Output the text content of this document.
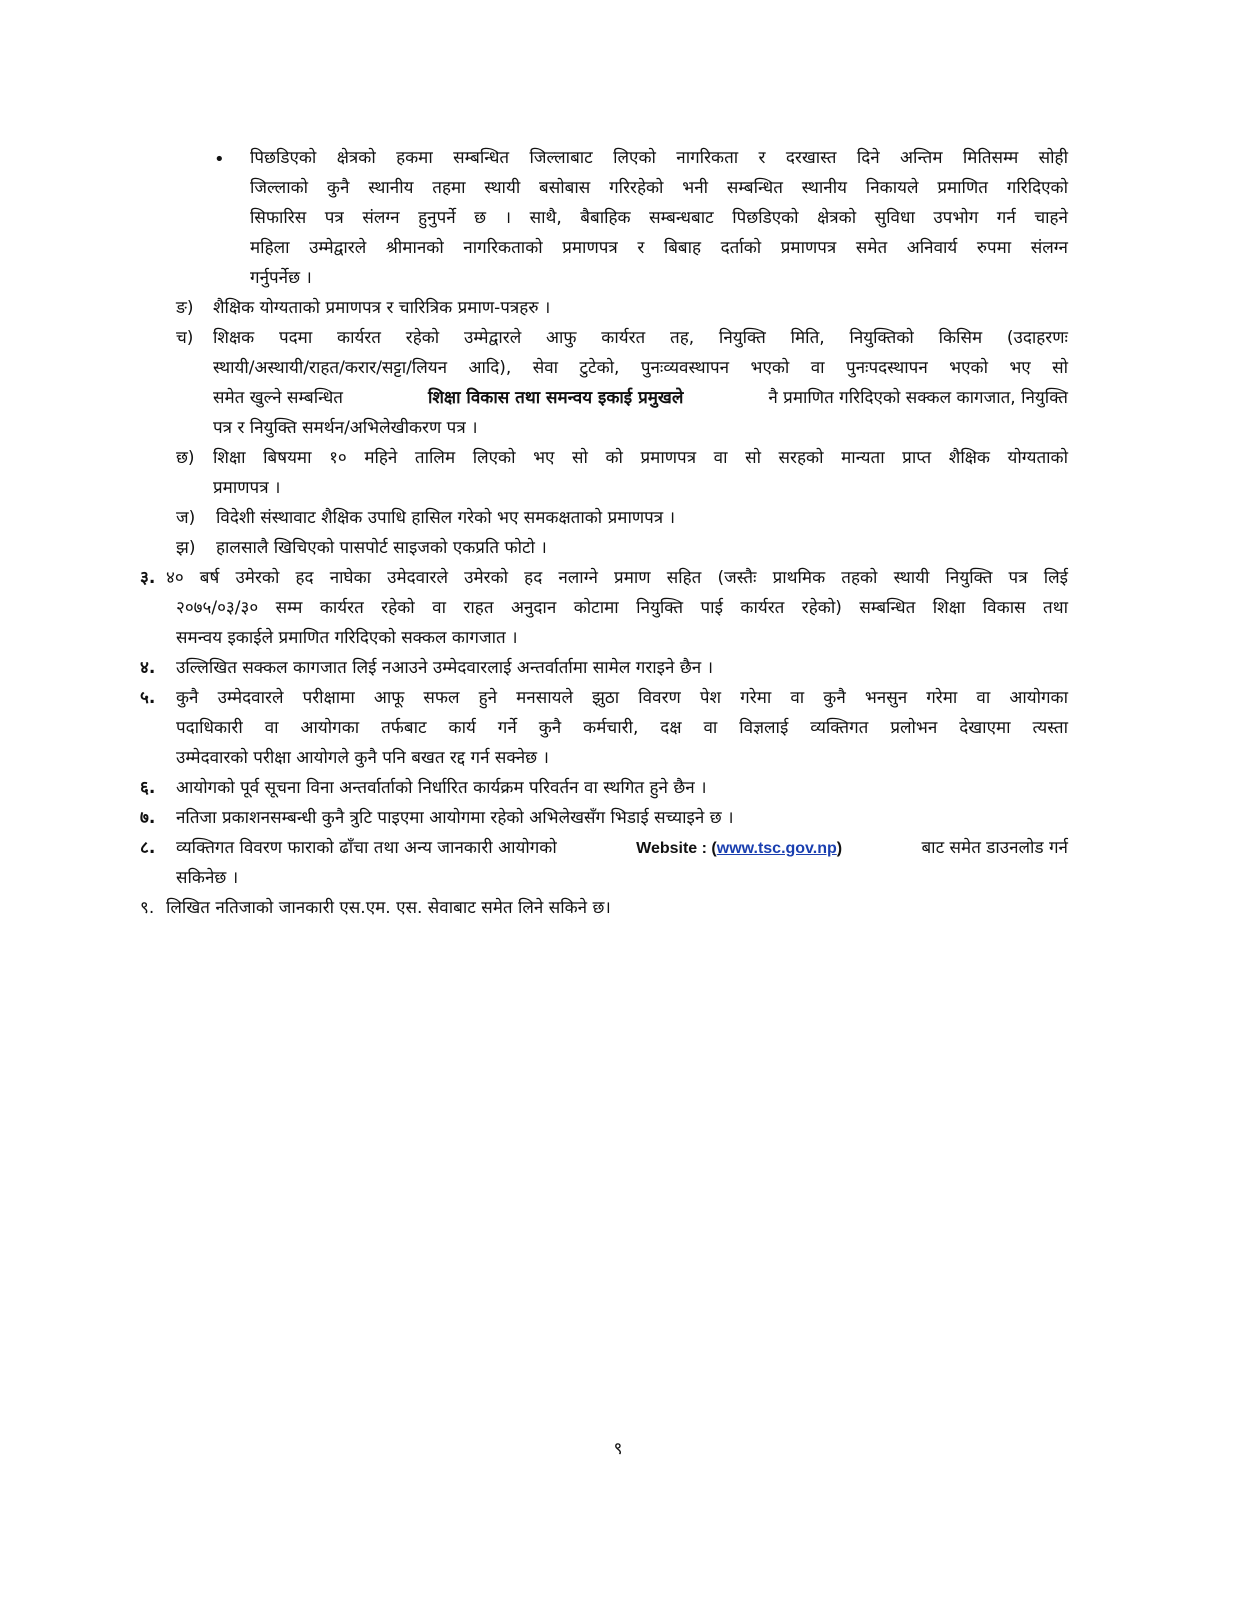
• पिछडिएको क्षेत्रको हकमा सम्बन्धित जिल्लाबाट लिएको नागरिकता र दरखास्त दिने अन्तिम मितिसम्म सोही
जिल्लाको कुनै स्थानीय तहमा स्थायी बसोबास गरिरहेको भनी सम्बन्धित स्थानीय निकायले प्रमाणित गरिदिएको
सिफारिस पत्र संलग्न हुनुपर्ने छ । साथै, बैबाहिक सम्बन्धबाट पिछडिएको क्षेत्रको सुविधा उपभोग गर्न चाहने
महिला उम्मेद्वारले श्रीमानको नागरिकताको प्रमाणपत्र र बिबाह दर्ताको प्रमाणपत्र समेत अनिवार्य रुपमा संलग्न
गर्नुपर्नेछ ।
ङ) शैक्षिक योग्यताको प्रमाणपत्र र चारित्रिक प्रमाण-पत्रहरु ।
च) शिक्षक पदमा कार्यरत रहेको उम्मेद्वारले आफु कार्यरत तह, नियुक्ति मिति, नियुक्तिको किसिम (उदाहरणः
स्थायी/अस्थायी/राहत/करार/सट्टा/लियन आदि), सेवा टुटेको, पुनःव्यवस्थापन भएको वा पुनःपदस्थापन भएको भए सो
समेत खुल्ने सम्बन्धित	शिक्षा विकास तथा समन्वय इकाई प्रमुखले	नै प्रमाणित गरिदिएको सक्कल कागजात, नियुक्ति
पत्र र नियुक्ति समर्थन/अभिलेखीकरण पत्र ।
छ) शिक्षा बिषयमा १० महिने तालिम लिएको भए सो को प्रमाणपत्र वा सो सरहको मान्यता प्राप्त शैक्षिक योग्यताको
प्रमाणपत्र ।
ज) विदेशी संस्थावाट शैक्षिक उपाधि हासिल गरेको भए समकक्षताको प्रमाणपत्र ।
झ) हालसालै खिचिएको पासपोर्ट साइजको एकप्रति फोटो ।
३. ४० बर्ष उमेरको हद नाघेका उमेदवारले उमेरको हद नलाग्ने प्रमाण सहित (जस्तैः प्राथमिक तहको स्थायी नियुक्ति पत्र लिई
२०७५/०३/३० सम्म कार्यरत रहेको वा राहत अनुदान कोटामा नियुक्ति पाई कार्यरत रहेको) सम्बन्धित शिक्षा विकास तथा
समन्वय इकाईले प्रमाणित गरिदिएको सक्कल कागजात ।
४. उल्लिखित सक्कल कागजात लिई नआउने उम्मेदवारलाई अन्तर्वार्तामा सामेल गराइने छैन ।
५. कुनै उम्मेदवारले परीक्षामा आफू सफल हुने मनसायले झुठा विवरण पेश गरेमा वा कुनै भनसुन गरेमा वा आयोगका
पदाधिकारी वा आयोगका तर्फबाट कार्य गर्ने कुनै कर्मचारी, दक्ष वा विज्ञलाई व्यक्तिगत प्रलोभन देखाएमा त्यस्ता
उम्मेदवारको परीक्षा आयोगले कुनै पनि बखत रद्द गर्न सक्नेछ ।
६. आयोगको पूर्व सूचना विना अन्तर्वार्ताको निर्धारित कार्यक्रम परिवर्तन वा स्थगित हुने छैन ।
७. नतिजा प्रकाशनसम्बन्धी कुनै त्रुटि पाइएमा आयोगमा रहेको अभिलेखसँग भिडाई सच्याइने छ ।
८. व्यक्तिगत विवरण फाराको ढाँचा तथा अन्य जानकारी आयोगको	Website : (www.tsc.gov.np)	बाट समेत डाउनलोड गर्न
सकिनेछ ।
९. लिखित नतिजाको जानकारी एस.एम. एस. सेवाबाट समेत लिने सकिने छ।
९
